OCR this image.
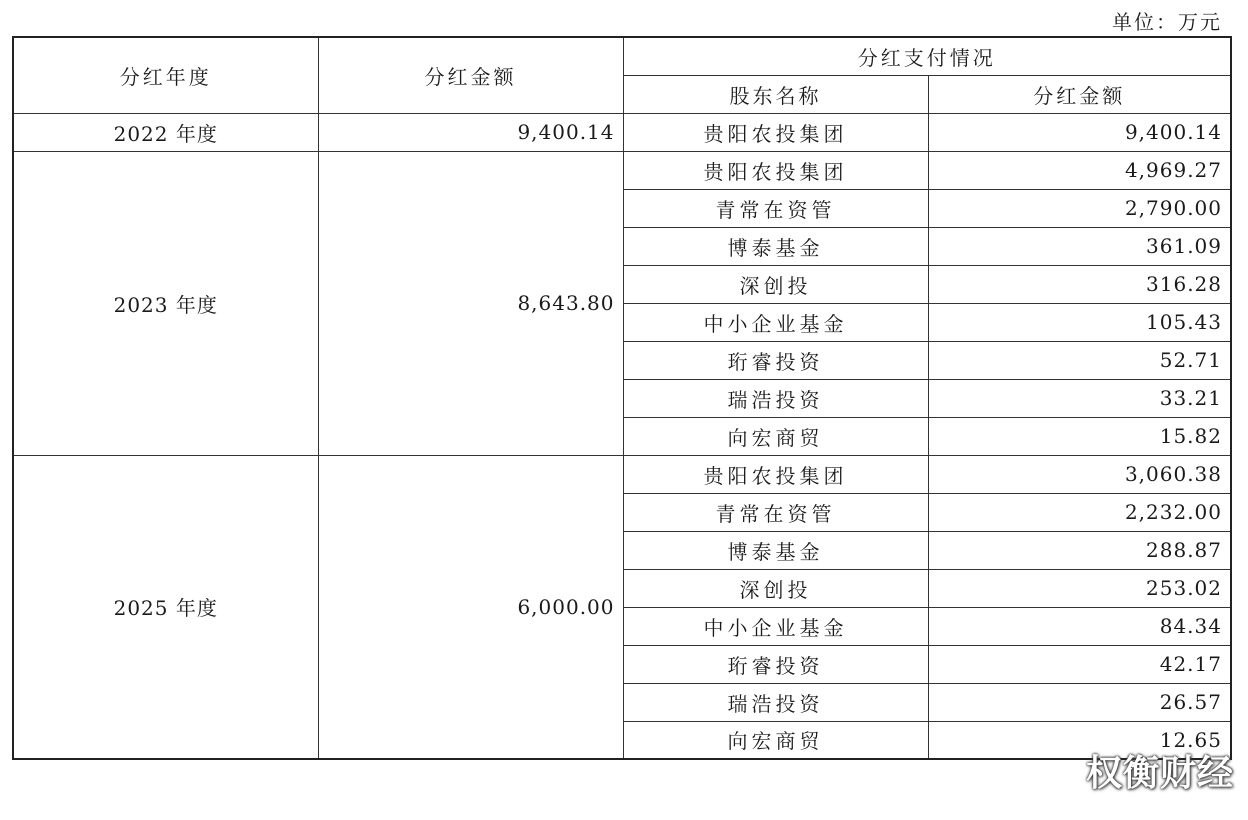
单位：万元
分红年度	分红金额	分红支付情况	
		股东名称	分红金额
2022 年度	9,400.14	贵阳农投集团	9,400.14
2023 年度	8,643.80	贵阳农投集团	4,969.27
		青常在资管	2,790.00
		博泰基金	361.09
		深创投	316.28
		中小企业基金	105.43
		珩睿投资	52.71
		瑞浩投资	33.21
		向宏商贸	15.82
2025 年度	6,000.00	贵阳农投集团	3,060.38
		青常在资管	2,232.00
		博泰基金	288.87
		深创投	253.02
		中小企业基金	84.34
		珩睿投资	42.17
		瑞浩投资	26.57
		向宏商贸	12.65
权衡财经
